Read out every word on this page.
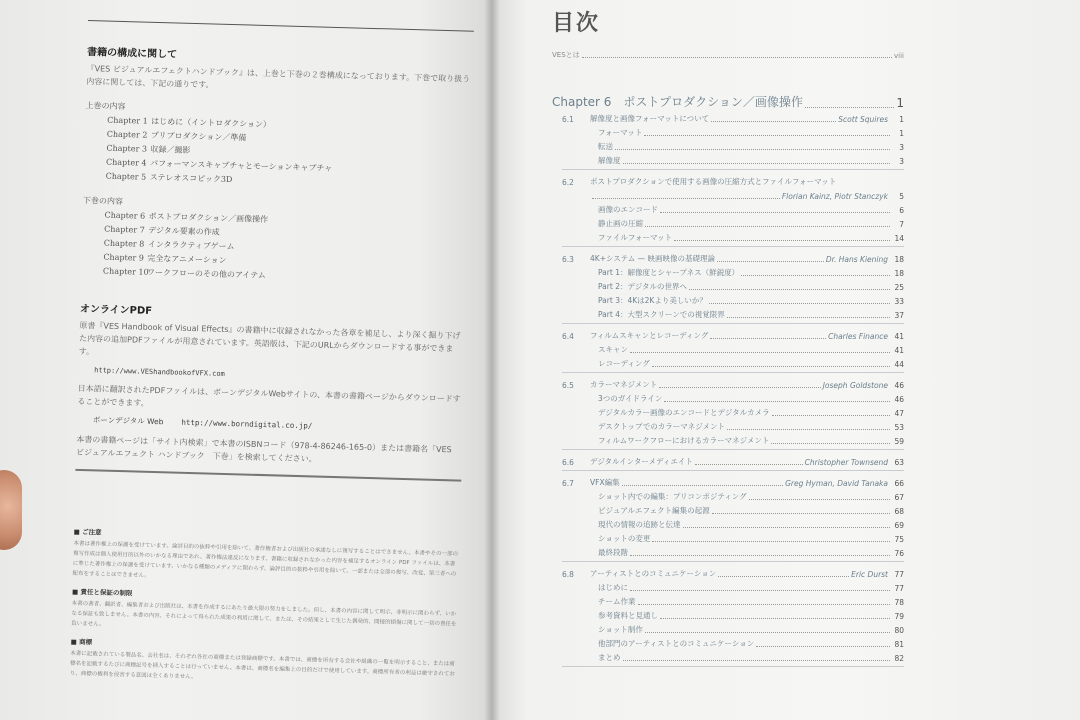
書籍の構成に関して

『VES ビジュアルエフェクトハンドブック』は、上巻と下巻の２巻構成になっております。下巻で取り扱う内容に関しては、下記の通りです。

上巻の内容
Chapter 1 はじめに（イントロダクション）
Chapter 2 プリプロダクション／準備
Chapter 3 収録／撮影
Chapter 4 パフォーマンスキャプチャとモーションキャプチャ
Chapter 5 ステレオスコピック3D
下巻の内容
Chapter 6 ポストプロダクション／画像操作
Chapter 7 デジタル要素の作成
Chapter 8 インタラクティブゲーム
Chapter 9 完全なアニメーション
Chapter 10ワークフローのその他のアイテム
オンラインPDF

原書『VES Handbook of Visual Effects』の書籍中に収録されなかった各章を補足し、より深く掘り下げた内容の追加PDFファイルが用意されています。英語版は、下記のURLからダウンロードする事ができます。

http://www.VEShandbookofVFX.com

日本語に翻訳されたPDFファイルは、ボーンデジタルWebサイトの、本書の書籍ページからダウンロードすることができます。

ボーンデジタル Web http://www.borndigital.co.jp/

本書の書籍ページは「サイト内検索」で本書のISBNコード（978-4-86246-165-0）または書籍名「VES ビジュアルエフェクト ハンドブック　下巻」を検索してください。

■ ご注意

本書は著作権上の保護を受けています。論評目的の抜粋や引用を除いて、著作権者および出版社の承諾なしに複写することはできません。本書やその一部の複写作成は個人使用目的以外のいかなる理由であれ、著作権法違反になります。書籍に収録されなかった内容を補足するオンライン PDF ファイルは、本書に準じた著作権上の保護を受けています。いかなる種類のメディアに関わらず、論評目的の抜粋や引用を除いて、一部または全部の複写、改変、第三者への配布をすることはできません。

■ 責任と保証の制限

本書の著者、翻訳者、編集者および出版社は、本書を作成するにあたり最大限の努力をしました。但し、本書の内容に関して明示、非明示に関わらず、いかなる保証も致しません。本書の内容、それによって得られた成果の利用に関して、または、その結果として生じた偶発的、間接的損傷に関して一切の責任を負いません。

■ 商標

本書に記載されている製品名、会社名は、それぞれ各社の商標または登録商標です。本書では、商標を所有する会社や組織の一覧を明示すること、または商標名を記載するたびに商標記号を挿入することは行っていません。本書は、商標名を編集上の目的だけで使用しています。商標所有者の利益は厳守されており、商標の権利を侵害する意図は全くありません。

目次
VESとは	viii
Chapter 6　ポストプロダクション／画像操作	1
6.1	解像度と画像フォーマットについて	Scott Squires	1
フォーマット	1
転送	3
解像度	3
6.2	ポストプロダクションで使用する画像の圧縮方式とファイルフォーマット
Florian Kainz, Piotr Stanczyk	5
画像のエンコード	6
静止画の圧縮	7
ファイルフォーマット	14
6.3	4K+システム — 映画映像の基礎理論	Dr. Hans Kiening 18
Part 1：解像度とシャープネス（鮮鋭度）	18
Part 2：デジタルの世界へ	25
Part 3：4Kは2Kより美しいか？	33
Part 4：大型スクリーンでの視覚限界	37
6.4	フィルムスキャンとレコーディング	Charles Finance 41
スキャン	41
レコーディング	44
6.5	カラーマネジメント	Joseph Goldstone 46
3つのガイドライン	46
デジタルカラー画像のエンコードとデジタルカメラ	47
デスクトップでのカラーマネジメント	53
フィルムワークフローにおけるカラーマネジメント	59
6.6	デジタルインターメディエイト	Christopher Townsend 63
6.7	VFX編集	Greg Hyman, David Tanaka 66
ショット内での編集：プリコンポジティング	67
ビジュアルエフェクト編集の起源	68
現代の情報の追跡と伝達	69
ショットの変更	75
最終段階	76
6.8	アーティストとのコミュニケーション	Eric Durst 77
はじめに	77
チーム作業	78
参考資料と見通し	79
ショット制作	80
他部門のアーティストとのコミュニケーション	81
まとめ	82
